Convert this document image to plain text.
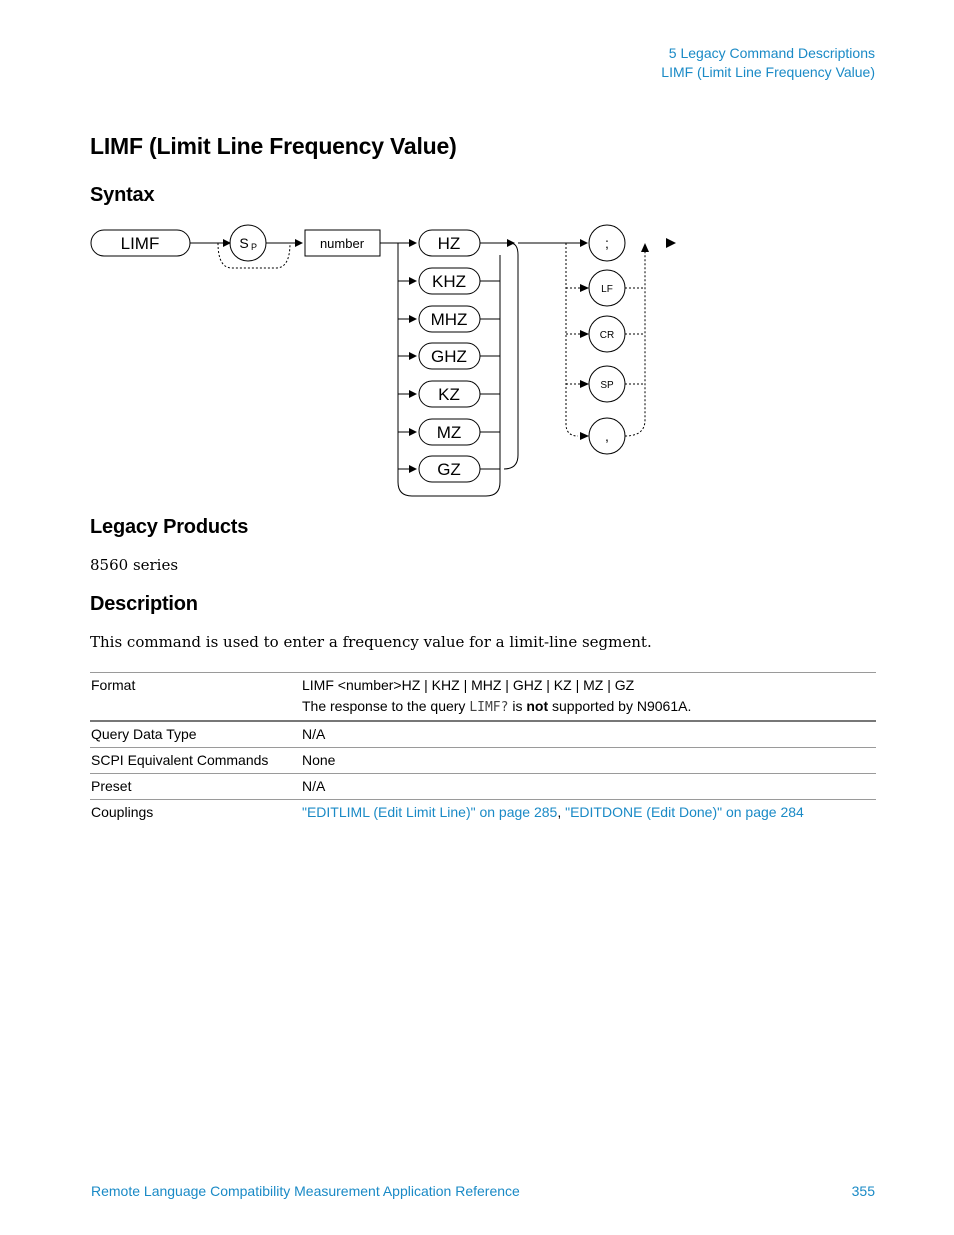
5 Legacy Command Descriptions
LIMF (Limit Line Frequency Value)
LIMF (Limit Line Frequency Value)
Syntax
LIMF	S P	number	HZ
KHZ
MHZ
GHZ
KZ
MZ
GZ
;
LF
CR
SP
,
Legacy Products
8560 series
Description
This command is used to enter a frequency value for a limit-line segment.
Format	LIMF <number>HZ | KHZ | MHZ | GHZ | KZ | MZ | GZ
The response to the query LIMF? is not supported by N9061A.

Query Data Type	N/A
SCPI Equivalent Commands	None
Preset	N/A
Couplings	"EDITLIML (Edit Limit Line)" on page 285, "EDITDONE (Edit Done)" on page 284
Remote Language Compatibility Measurement Application Reference	355
